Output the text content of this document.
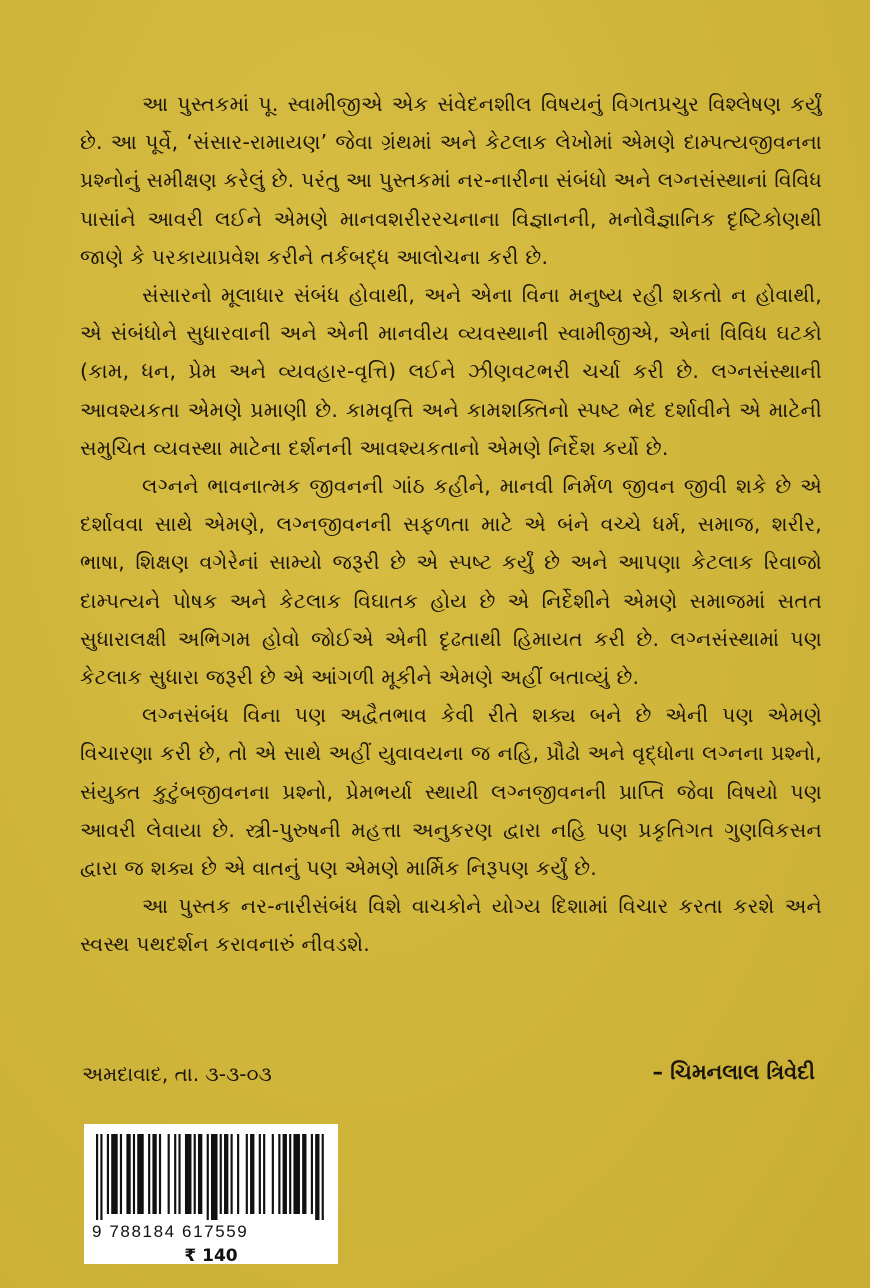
આ પુસ્તકમાં પૂ. સ્વામીજીએ એક સંવેદનશીલ વિષયનું વિગતપ્રચુર વિશ્લેષણ કર્યું છે. આ પૂર્વે, ‘સંસાર-રામાયણ’ જેવા ગ્રંથમાં અને કેટલાક લેખોમાં એમણે દામ્પત્યજીવનના પ્રશ્નોનું સમીક્ષણ કરેલું છે. પરંતુ આ પુસ્તકમાં નર-નારીના સંબંધો અને લગ્નસંસ્થાનાં વિવિધ પાસાંને આવરી લઈને એમણે માનવશરીરરચનાના વિજ્ઞાનની, મનોવૈજ્ઞાનિક દૃષ્ટિકોણથી જાણે કે પરકાયાપ્રવેશ કરીને તર્કબદ્ધ આલોચના કરી છે.

સંસારનો મૂલાધાર સંબંધ હોવાથી, અને એના વિના મનુષ્ય રહી શકતો ન હોવાથી, એ સંબંધોને સુધારવાની અને એની માનવીય વ્યવસ્થાની સ્વામીજીએ, એનાં વિવિધ ઘટકો (કામ, ધન, પ્રેમ અને વ્યવહાર-વૃત્તિ) લઈને ઝીણવટભરી ચર્ચા કરી છે. લગ્નસંસ્થાની આવશ્યકતા એમણે પ્રમાણી છે. કામવૃત્તિ અને કામશક્તિનો સ્પષ્ટ ભેદ દર્શાવીને એ માટેની સમુચિત વ્યવસ્થા માટેના દર્શનની આવશ્યકતાનો એમણે નિર્દેશ કર્યો છે.

લગ્નને ભાવનાત્મક જીવનની ગાંઠ કહીને, માનવી નિર્મળ જીવન જીવી શકે છે એ દર્શાવવા સાથે એમણે, લગ્નજીવનની સફળતા માટે એ બંને વચ્ચે ધર્મ, સમાજ, શરીર, ભાષા, શિક્ષણ વગેરેનાં સામ્યો જરૂરી છે એ સ્પષ્ટ કર્યું છે અને આપણા કેટલાક રિવાજો દામ્પત્યને પોષક અને કેટલાક વિઘાતક હોય છે એ નિર્દેશીને એમણે સમાજમાં સતત સુધારાલક્ષી અભિગમ હોવો જોઈએ એની દૃઢતાથી હિમાયત કરી છે. લગ્નસંસ્થામાં પણ કેટલાક સુધારા જરૂરી છે એ આંગળી મૂકીને એમણે અહીં બતાવ્યું છે.

લગ્નસંબંધ વિના પણ અદ્વૈતભાવ કેવી રીતે શક્ય બને છે એની પણ એમણે વિચારણા કરી છે, તો એ સાથે અહીં યુવાવયના જ નહિ, પ્રૌઢો અને વૃદ્ધોના લગ્નના પ્રશ્નો, સંયુક્ત કુટુંબજીવનના પ્રશ્નો, પ્રેમભર્યા સ્થાયી લગ્નજીવનની પ્રાપ્તિ જેવા વિષયો પણ આવરી લેવાયા છે. સ્ત્રી-પુરુષની મહત્તા અનુકરણ દ્વારા નહિ પણ પ્રકૃતિગત ગુણવિકસન દ્વારા જ શક્ય છે એ વાતનું પણ એમણે માર્મિક નિરૂપણ કર્યું છે.

આ પુસ્તક નર-નારીસંબંધ વિશે વાચકોને યોગ્ય દિશામાં વિચાર કરતા કરશે અને સ્વસ્થ પથદર્શન કરાવનારું નીવડશે.

અમદાવાદ, તા. ૩-૩-૦૩	– ચિમનલાલ ત્રિવેદી
9 788184 617559
₹ 140
